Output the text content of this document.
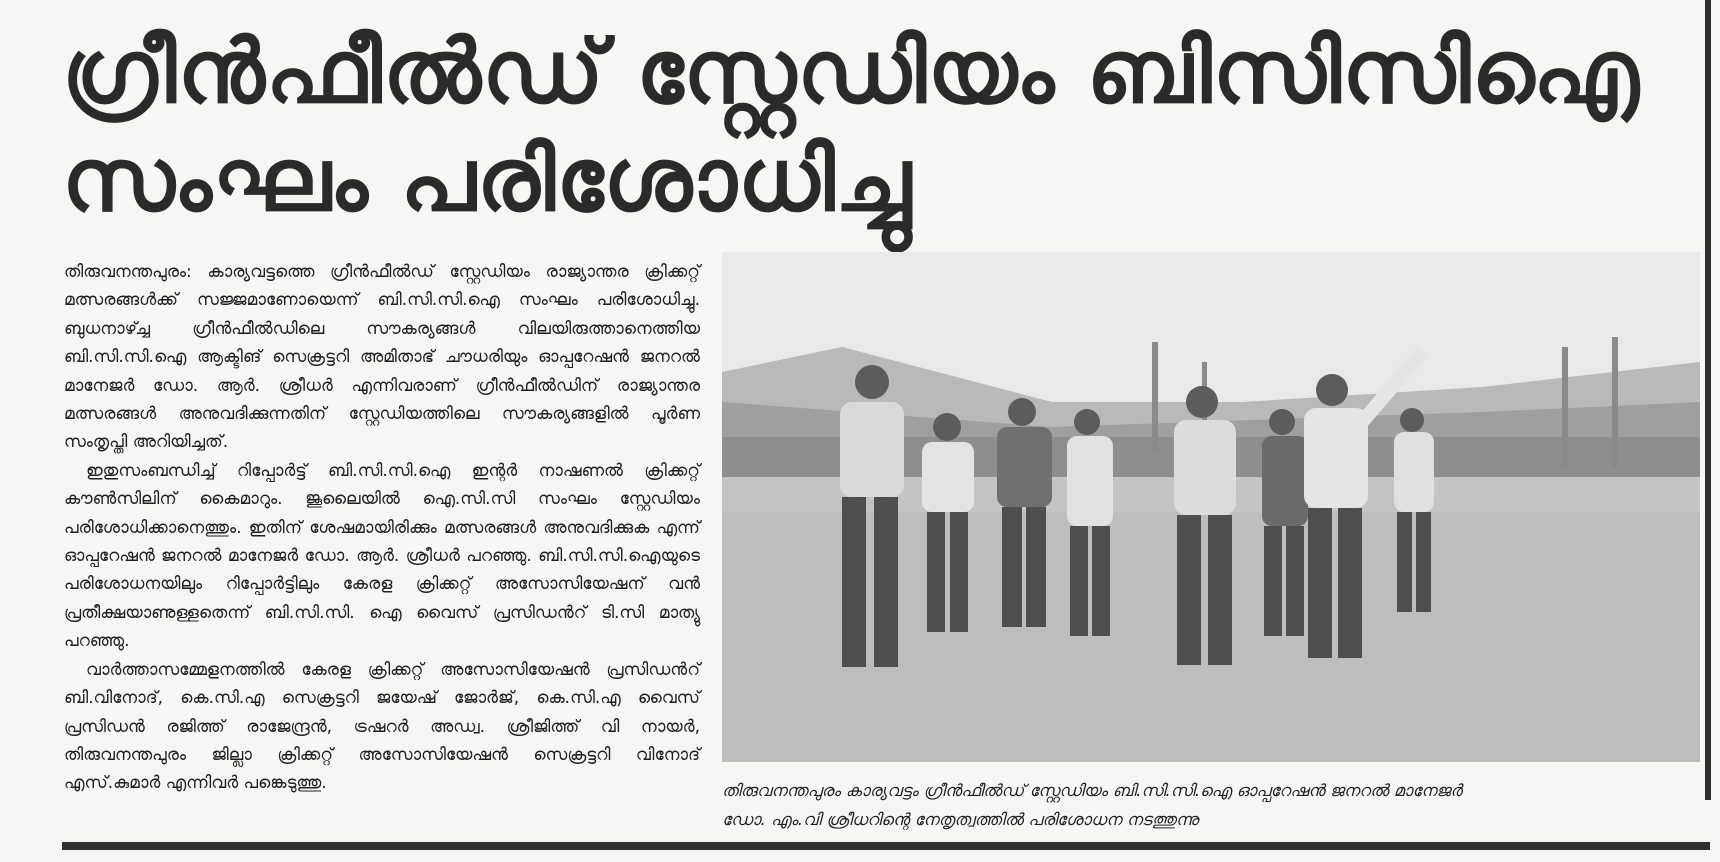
ഗ്രീൻഫീൽഡ് സ്റ്റേഡിയം ബിസിസിഐ
സംഘം പരിശോധിച്ചു

തിരുവനന്തപുരം: കാര്യവട്ടത്തെ ഗ്രീൻഫീൽഡ് സ്റ്റേഡിയം രാജ്യാന്തര ക്രിക്കറ്റ് മത്സരങ്ങൾക്ക് സജ്ജമാണോയെന്ന് ബി.സി.സി.ഐ സംഘം പരിശോധിച്ചു. ബുധനാഴ്ച്ച ഗ്രീൻഫീൽഡിലെ സൗകര്യങ്ങൾ വിലയിരുത്താനെത്തിയ ബി.സി.സി.ഐ ആക്ടിങ് സെക്രട്ടറി അമിതാഭ് ചൗധരിയും ഓപ്പറേഷൻ ജനറൽ മാനേജർ ഡോ. ആർ. ശ്രീധർ എന്നിവരാണ് ഗ്രീൻഫീൽഡിന് രാജ്യാന്തര മത്സരങ്ങൾ അനുവദിക്കുന്നതിന് സ്റ്റേഡിയത്തിലെ സൗകര്യങ്ങളിൽ പൂർണ സംതൃപ്തി അറിയിച്ചത്.

ഇതുസംബന്ധിച്ച് റിപ്പോർട്ട് ബി.സി.സി.ഐ ഇന്റർ നാഷണൽ ക്രിക്കറ്റ് കൗൺസിലിന് കൈമാറും. ജൂലൈയിൽ ഐ.സി.സി സംഘം സ്റ്റേഡിയം പരിശോധിക്കാനെത്തും. ഇതിന് ശേഷമായിരിക്കും മത്സരങ്ങൾ അനുവദിക്കുക എന്ന് ഓപ്പറേഷൻ ജനറൽ മാനേജർ ഡോ. ആർ. ശ്രീധർ പറഞ്ഞു. ബി.സി.സി.ഐയുടെ പരിശോധനയിലും റിപ്പോർട്ടിലും കേരള ക്രിക്കറ്റ് അസോസിയേഷന് വൻ പ്രതീക്ഷയാണുള്ളതെന്ന് ബി.സി.സി. ഐ വൈസ് പ്രസിഡൻറ് ടി.സി മാത്യു പറഞ്ഞു.

വാർത്താസമ്മേളനത്തിൽ കേരള ക്രിക്കറ്റ് അസോസിയേഷൻ പ്രസിഡൻറ് ബി.വിനോദ്, കെ.സി.എ സെക്രട്ടറി ജയേഷ് ജോർജ്, കെ.സി.എ വൈസ് പ്രസിഡൻ രജിത്ത് രാജേന്ദ്രൻ, ട്രഷറർ അഡ്വ. ശ്രീജിത്ത് വി നായർ, തിരുവനന്തപുരം ജില്ലാ ക്രിക്കറ്റ് അസോസിയേഷൻ സെക്രട്ടറി വിനോദ് എസ്.കുമാർ എന്നിവർ പങ്കെടുത്തു.	തിരുവനന്തപുരം കാര്യവട്ടം ഗ്രീൻഫീൽഡ് സ്റ്റേഡിയം ബി.സി.സി.ഐ ഓപ്പറേഷൻ ജനറൽ മാനേജർ
ഡോ. എം.വി ശ്രീധറിന്റെ നേതൃത്വത്തിൽ പരിശോധന നടത്തുന്നു
